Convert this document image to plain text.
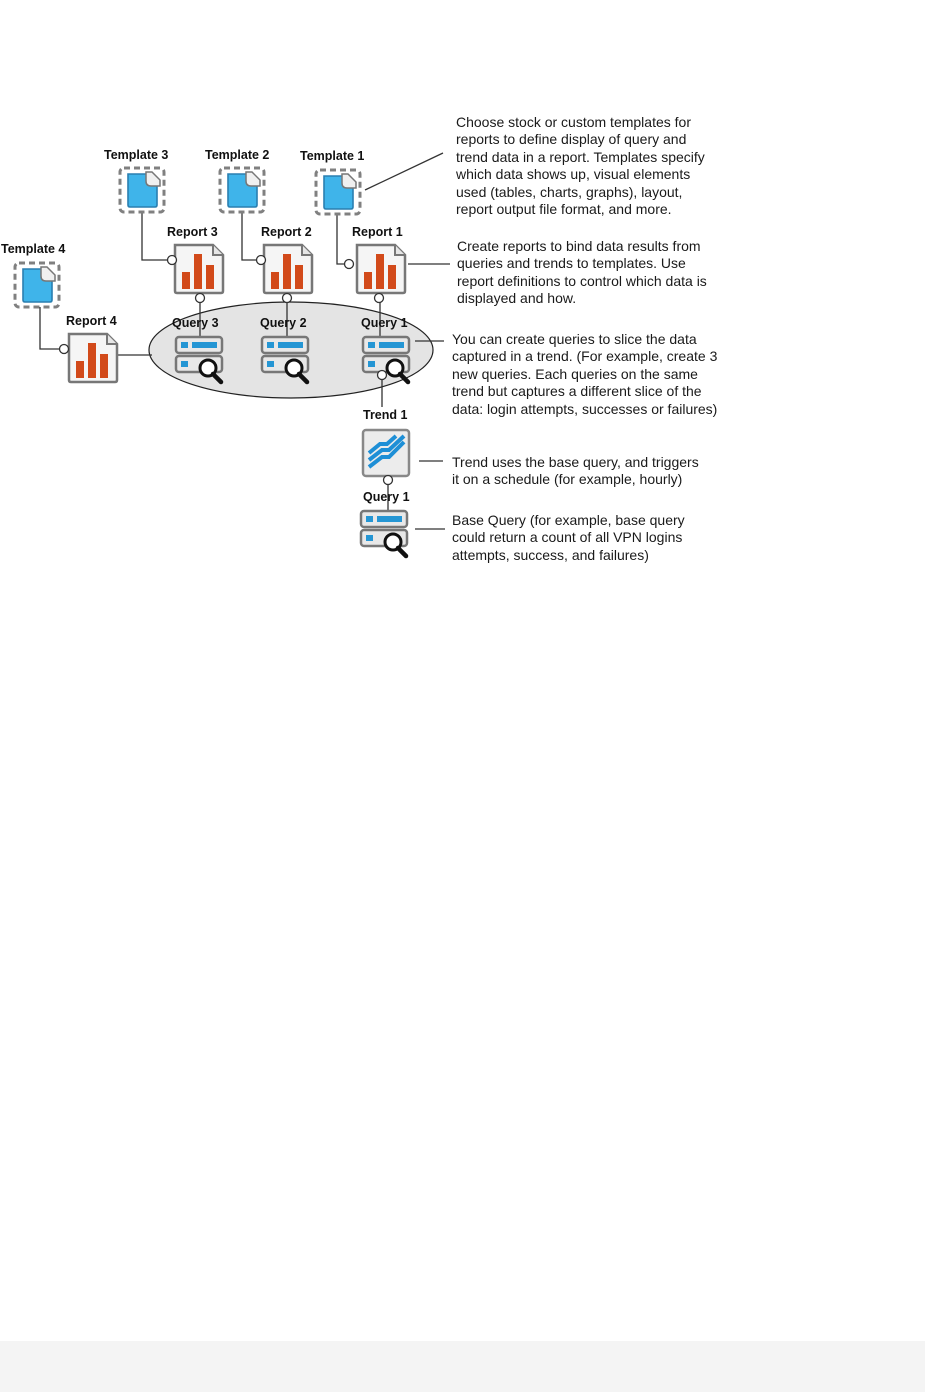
Template 3	Template 2 Template 1
Template 4
Report 3	Report 2	Report 1
Report 4	Query 3	Query 2	Query 1
Trend 1
Query 1
Choose stock or custom templates for
reports to define display of query and
trend data in a report. Templates specify
which data shows up, visual elements
used (tables, charts, graphs), layout,
report output file format, and more.
Create reports to bind data results from
queries and trends to templates. Use
report definitions to control which data is
displayed and how.
You can create queries to slice the data
captured in a trend. (For example, create 3
new queries. Each queries on the same
trend but captures a different slice of the
data: login attempts, successes or failures)
Trend uses the base query, and triggers
it on a schedule (for example, hourly)
Base Query (for example, base query
could return a count of all VPN logins
attempts, success, and failures)
